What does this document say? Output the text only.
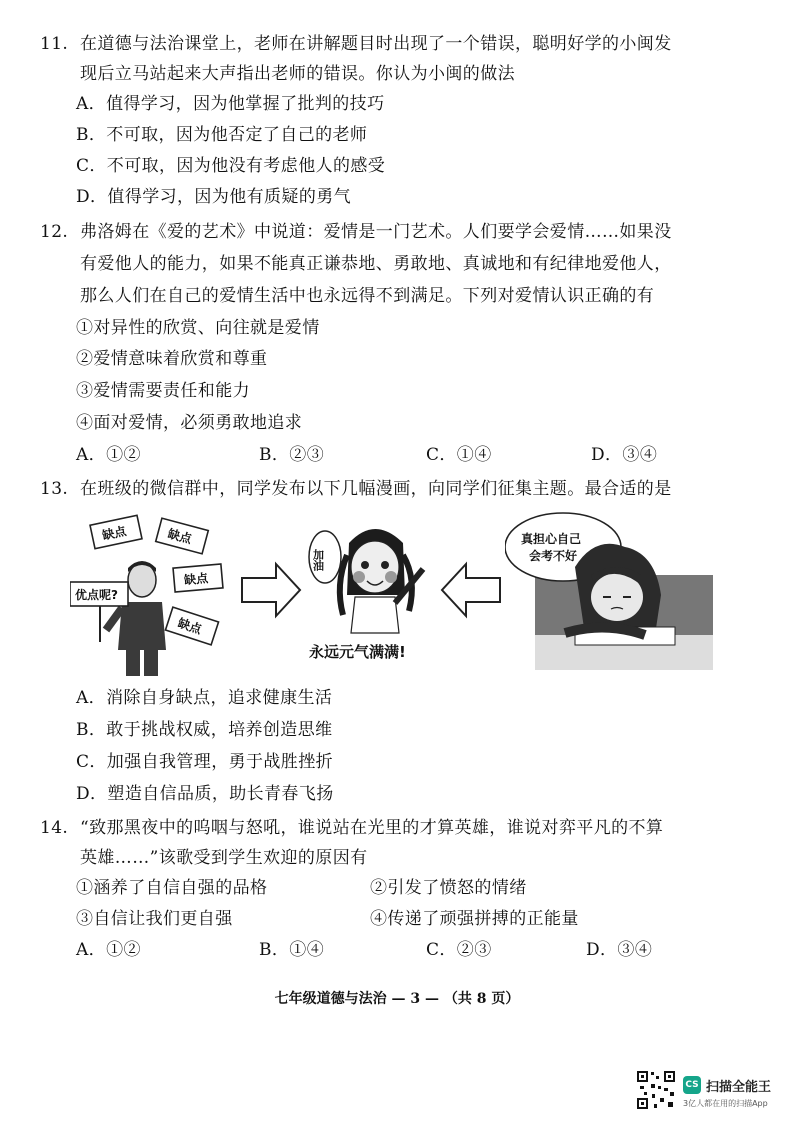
11. 在道德与法治课堂上，老师在讲解题目时出现了一个错误，聪明好学的小闽发
现后立马站起来大声指出老师的错误。你认为小闽的做法
A．值得学习，因为他掌握了批判的技巧
B．不可取，因为他否定了自己的老师
C．不可取，因为他没有考虑他人的感受
D．值得学习，因为他有质疑的勇气
12. 弗洛姆在《爱的艺术》中说道：爱情是一门艺术。人们要学会爱情……如果没
有爱他人的能力，如果不能真正谦恭地、勇敢地、真诚地和有纪律地爱他人，
那么人们在自己的爱情生活中也永远得不到满足。下列对爱情认识正确的有
①对异性的欣赏、向往就是爱情
②爱情意味着欣赏和尊重
③爱情需要责任和能力
④面对爱情，必须勇敢地追求
A．①②	B．②③	C．①④	D．③④
13. 在班级的微信群中，同学发布以下几幅漫画，向同学们征集主题。最合适的是
缺点	缺点
缺点
缺点
优点呢?
加油
永远元气满满!
真担心自己
会考不好
A．消除自身缺点，追求健康生活
B．敢于挑战权威，培养创造思维
C．加强自我管理，勇于战胜挫折
D．塑造自信品质，助长青春飞扬
14. “致那黑夜中的呜咽与怒吼，谁说站在光里的才算英雄，谁说对弈平凡的不算
英雄……”该歌受到学生欢迎的原因有
①涵养了自信自强的品格	②引发了愤怒的情绪
③自信让我们更自强	④传递了顽强拼搏的正能量
A．①②	B．①④	C．②③	D．③④
七年级道德与法治 — 3 — （共 8 页）
CS 扫描全能王
3亿人都在用的扫描App
